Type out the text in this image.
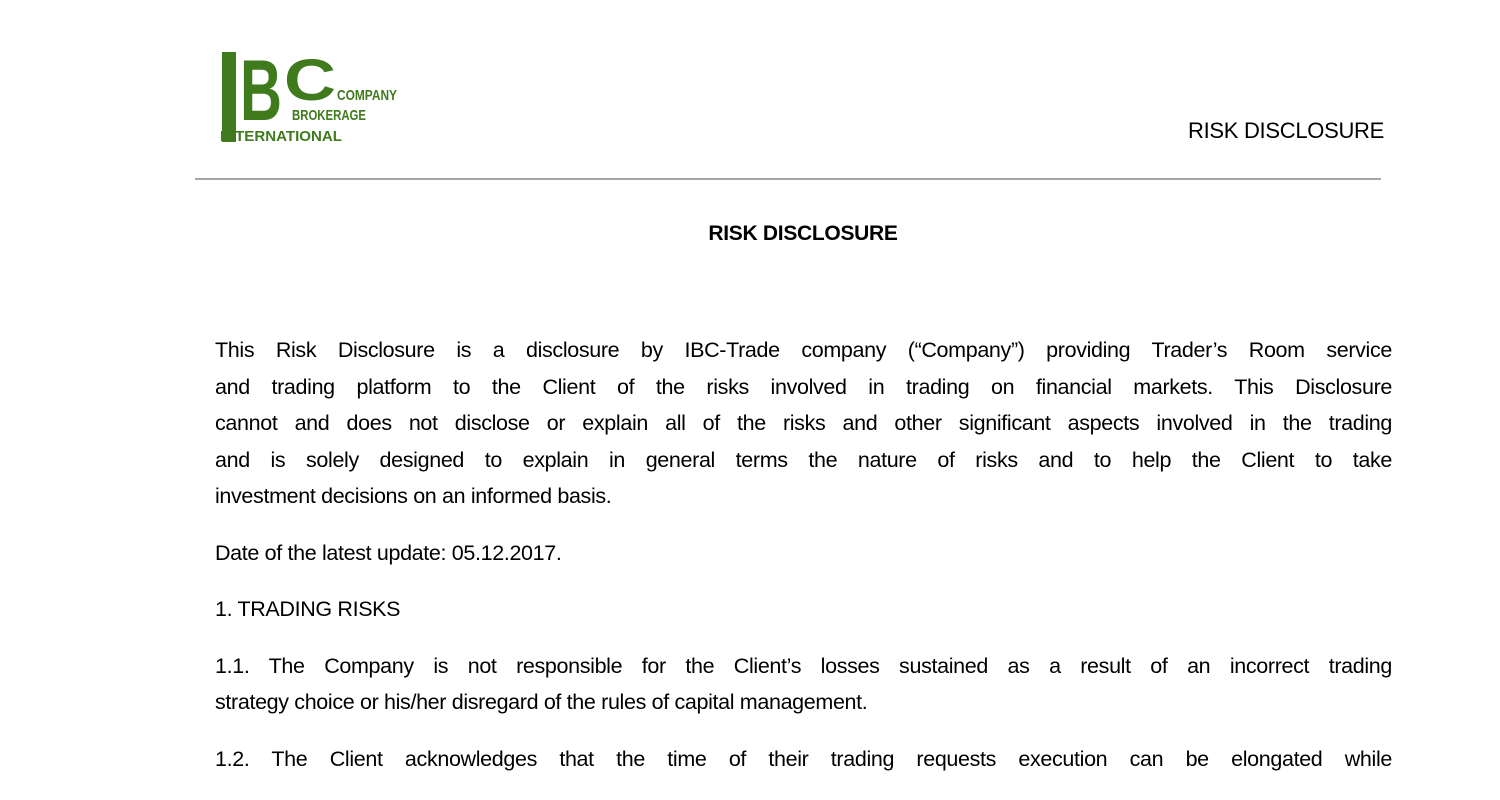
B C COMPANY
BROKERAGE
INTERNATIONAL	RISK DISCLOSURE
RISK DISCLOSURE
This Risk Disclosure is a disclosure by IBC-Trade company (“Company”) providing Trader’s Room service
and trading platform to the Client of the risks involved in trading on financial markets. This Disclosure
cannot and does not disclose or explain all of the risks and other significant aspects involved in the trading
and is solely designed to explain in general terms the nature of risks and to help the Client to take
investment decisions on an informed basis.
Date of the latest update: 05.12.2017.
1. TRADING RISKS
1.1. The Company is not responsible for the Client’s losses sustained as a result of an incorrect trading
strategy choice or his/her disregard of the rules of capital management.
1.2. The Client acknowledges that the time of their trading requests execution can be elongated while
